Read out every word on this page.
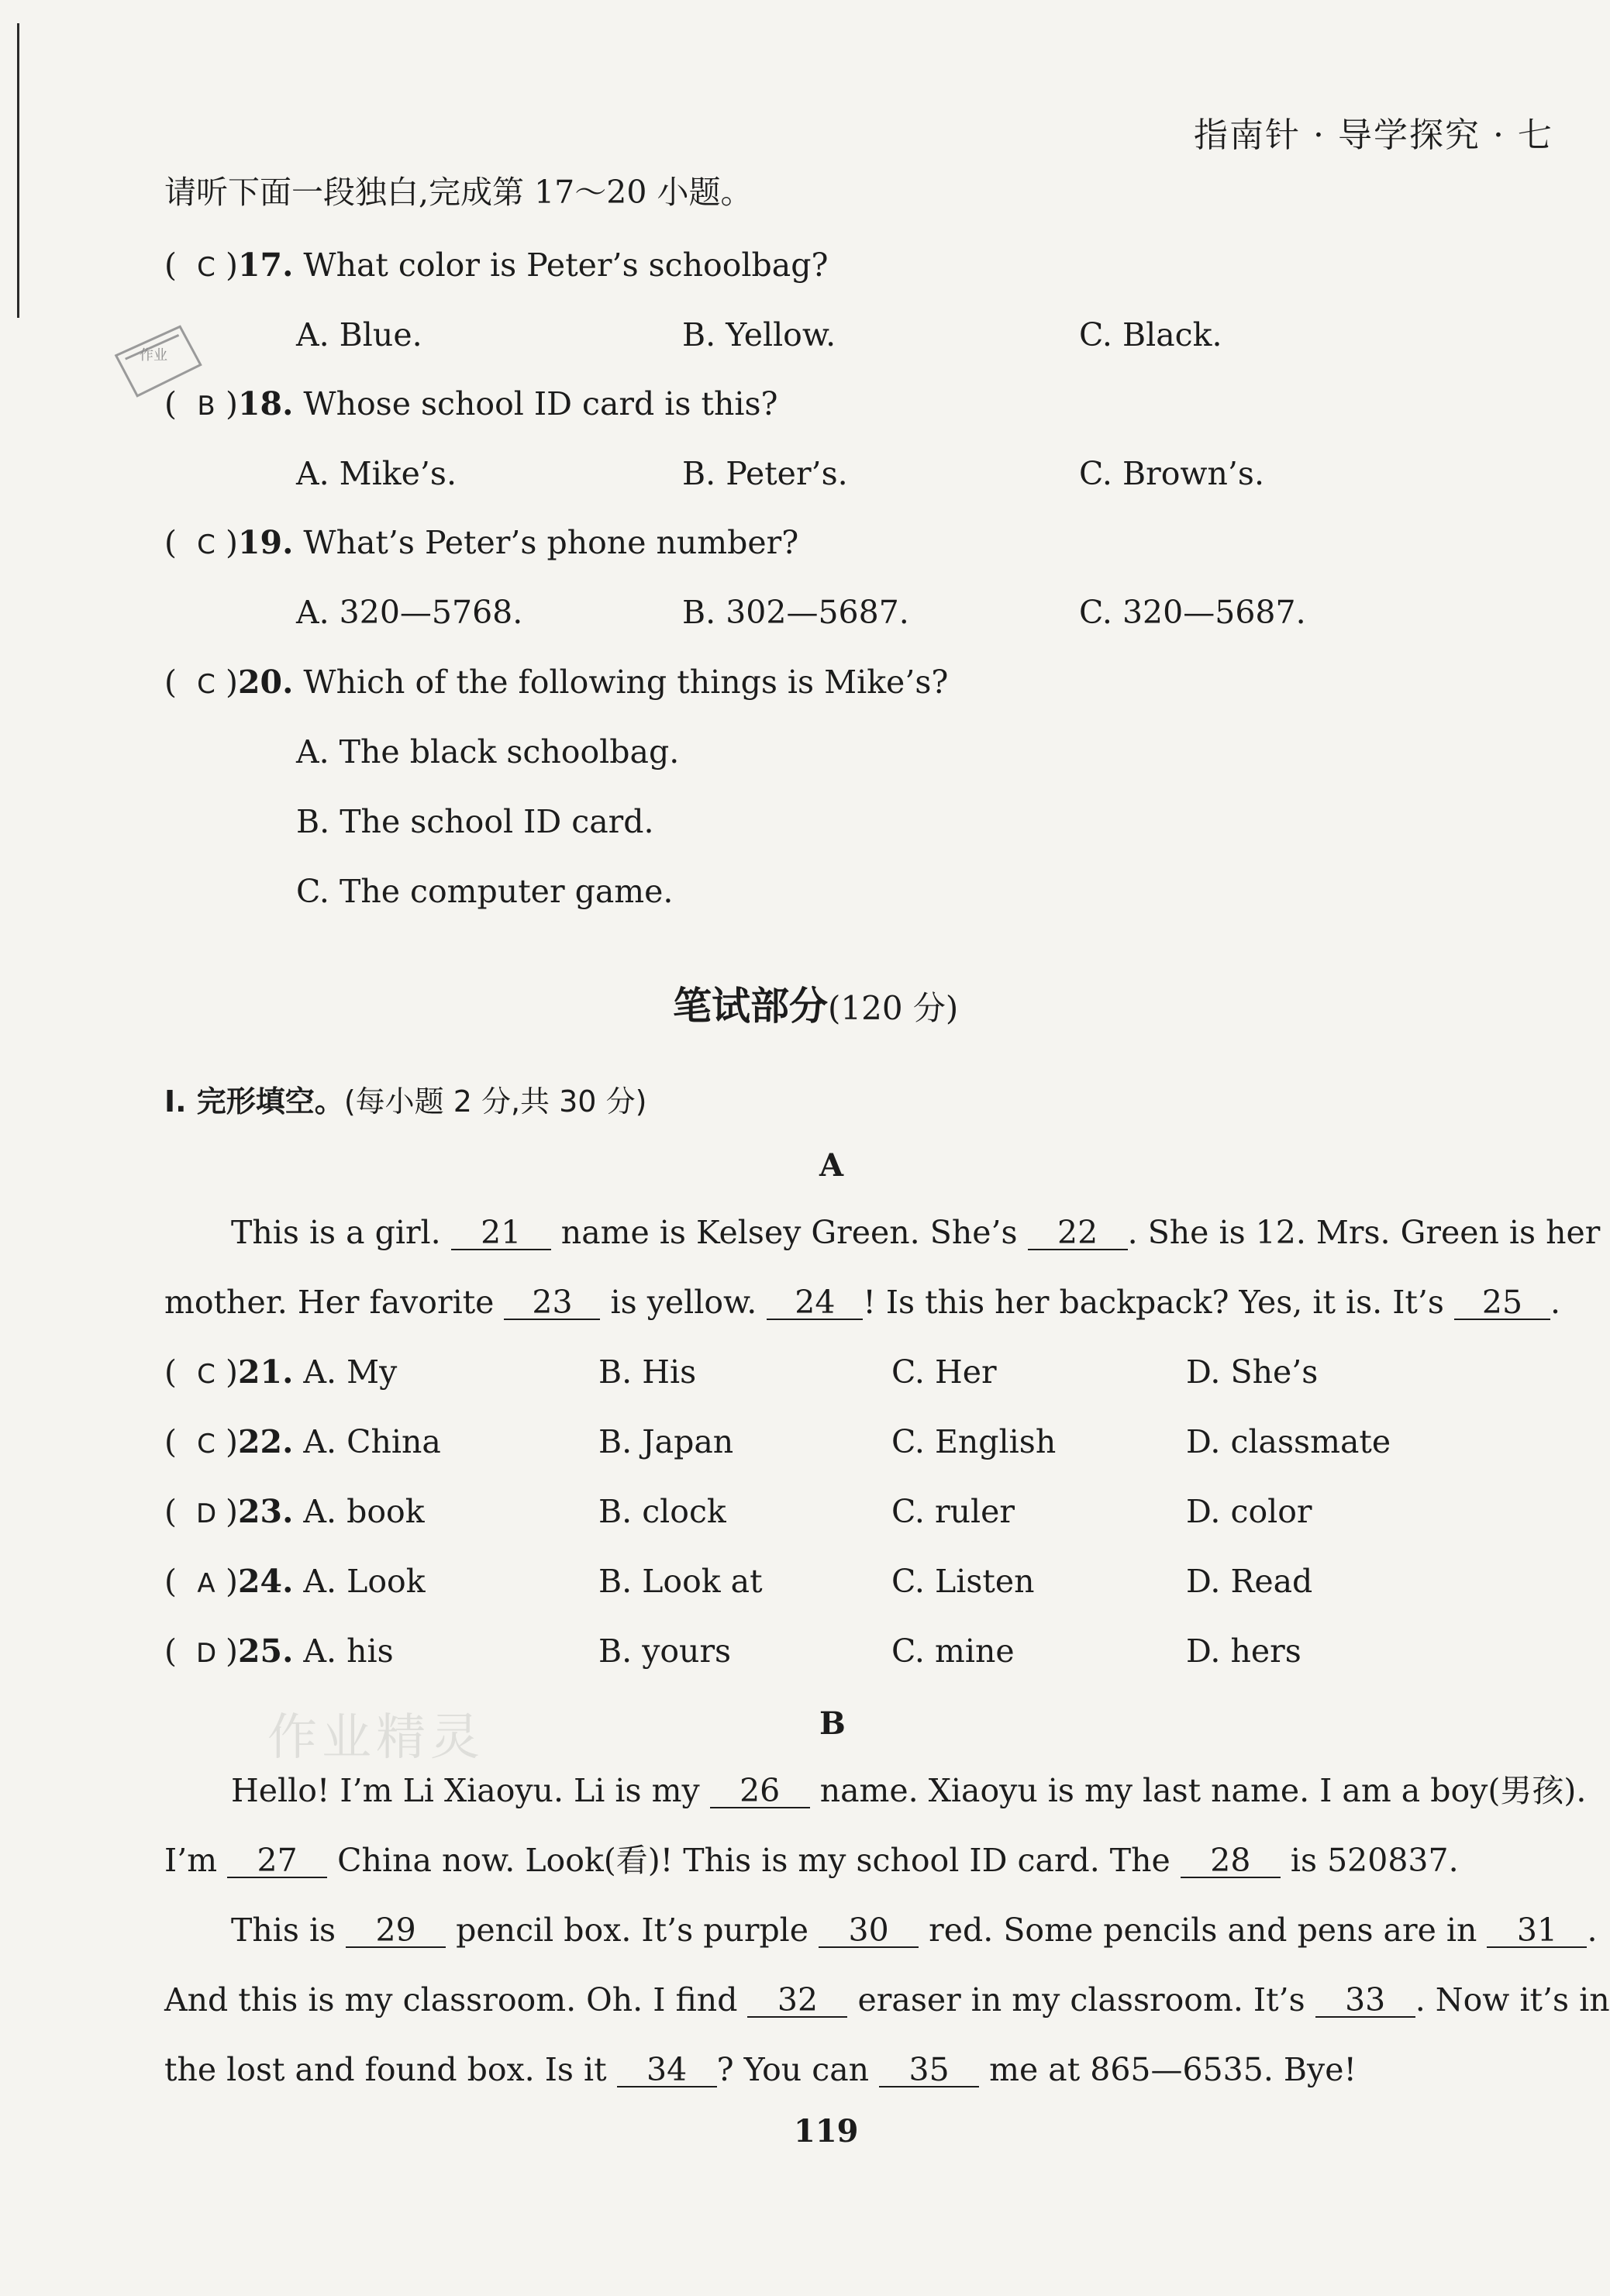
指南针 · 导学探究 · 七
作业
请听下面一段独白,完成第 17～20 小题。
( C )17. What color is Peter’s schoolbag?
A. Blue.	B. Yellow.	C. Black.
( B )18. Whose school ID card is this?
A. Mike’s.	B. Peter’s.	C. Brown’s.
( C )19. What’s Peter’s phone number?
A. 320—5768.	B. 302—5687.	C. 320—5687.
( C )20. Which of the following things is Mike’s?
A. The black schoolbag.
B. The school ID card.
C. The computer game.
笔试部分(120 分)
Ⅰ. 完形填空。(每小题 2 分,共 30 分)
A
This is a girl. 21 name is Kelsey Green. She’s 22 . She is 12. Mrs. Green is her
mother. Her favorite 23 is yellow. 24 ! Is this her backpack? Yes, it is. It’s 25 .
( C )21. A. My	B. His	C. Her	D. She’s
( C )22. A. China	B. Japan	C. English	D. classmate
( D )23. A. book	B. clock	C. ruler	D. color
( A )24. A. Look	B. Look at	C. Listen	D. Read
( D )25. A. his	B. yours	C. mine	D. hers
作业精灵	B
Hello! I’m Li Xiaoyu. Li is my 26 name. Xiaoyu is my last name. I am a boy(男孩).
I’m 27 China now. Look(看)! This is my school ID card. The 28 is 520837.
This is 29 pencil box. It’s purple 30 red. Some pencils and pens are in 31 .
And this is my classroom. Oh. I find 32 eraser in my classroom. It’s 33 . Now it’s in
the lost and found box. Is it 34 ? You can 35 me at 865—6535. Bye!
119
